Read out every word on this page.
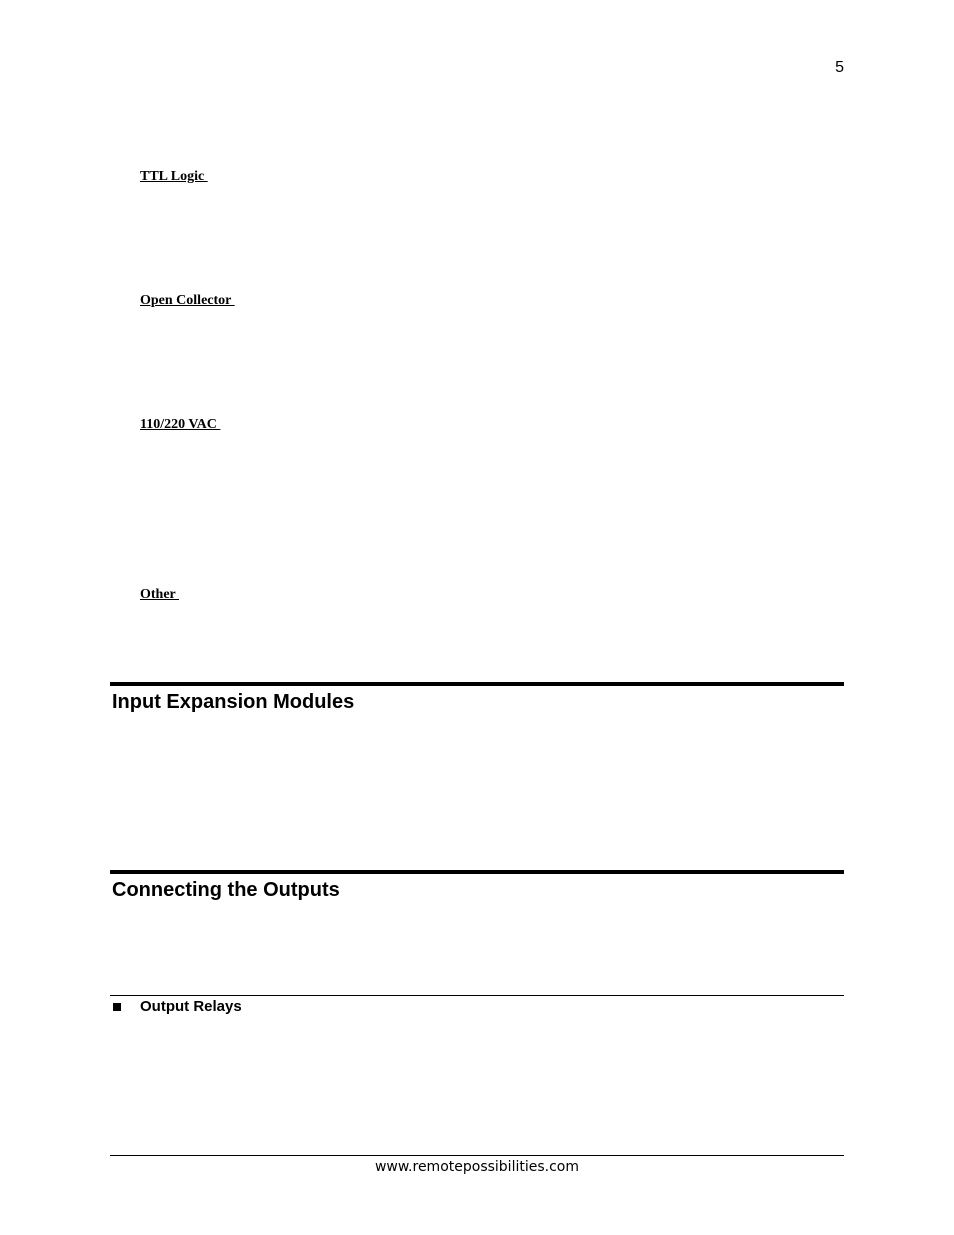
5
TTL Logic
Open Collector
110/220 VAC
Other
Input Expansion Modules
Connecting the Outputs
Output Relays
www.remotepossibilities.com
